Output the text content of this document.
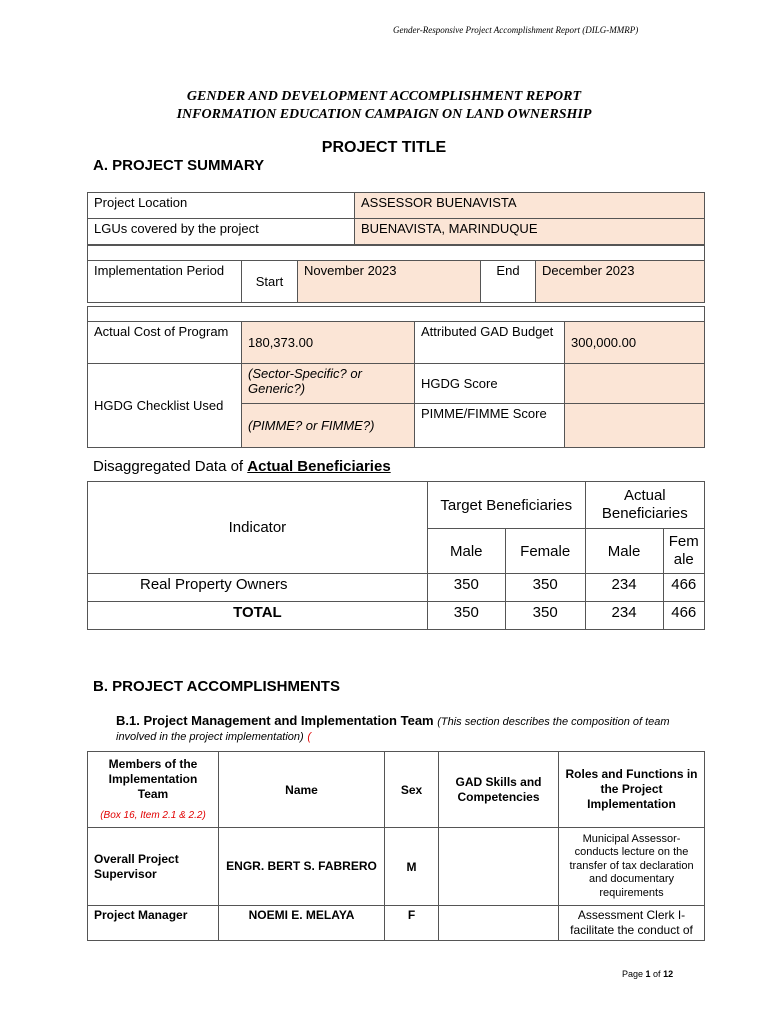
Gender-Responsive Project Accomplishment Report (DILG-MMRP)
GENDER AND DEVELOPMENT ACCOMPLISHMENT REPORT
INFORMATION EDUCATION CAMPAIGN ON LAND OWNERSHIP
PROJECT TITLE
A. PROJECT SUMMARY
Project Location	ASSESSOR BUENAVISTA
LGUs covered by the project	BUENAVISTA, MARINDUQUE

Implementation Period	Start	November 2023	End	December 2023

Actual Cost of Program	180,373.00	Attributed GAD Budget	300,000.00
HGDG Checklist Used	(Sector-Specific? or Generic?)	HGDG Score	
	(PIMME? or FIMME?)	PIMME/FIMME Score	
Disaggregated Data of Actual Beneficiaries
Indicator	Target Beneficiaries		Actual Beneficiaries	
	Male	Female	Male	Fem ale
Real Property Owners	350	350	234	466
TOTAL	350	350	234	466
B. PROJECT ACCOMPLISHMENTS
B.1. Project Management and Implementation Team (This section describes the composition of team involved in the project implementation) (
Members of the Implementation Team
(Box 16, Item 2.1 & 2.2)	Name	Sex	GAD Skills and Competencies	Roles and Functions in the Project Implementation
Overall Project Supervisor	ENGR. BERT S. FABRERO	M		Municipal Assessor- conducts lecture on the transfer of tax declaration and documentary requirements
Project Manager	NOEMI E. MELAYA	F		Assessment Clerk I- facilitate the conduct of
Page 1 of 12
